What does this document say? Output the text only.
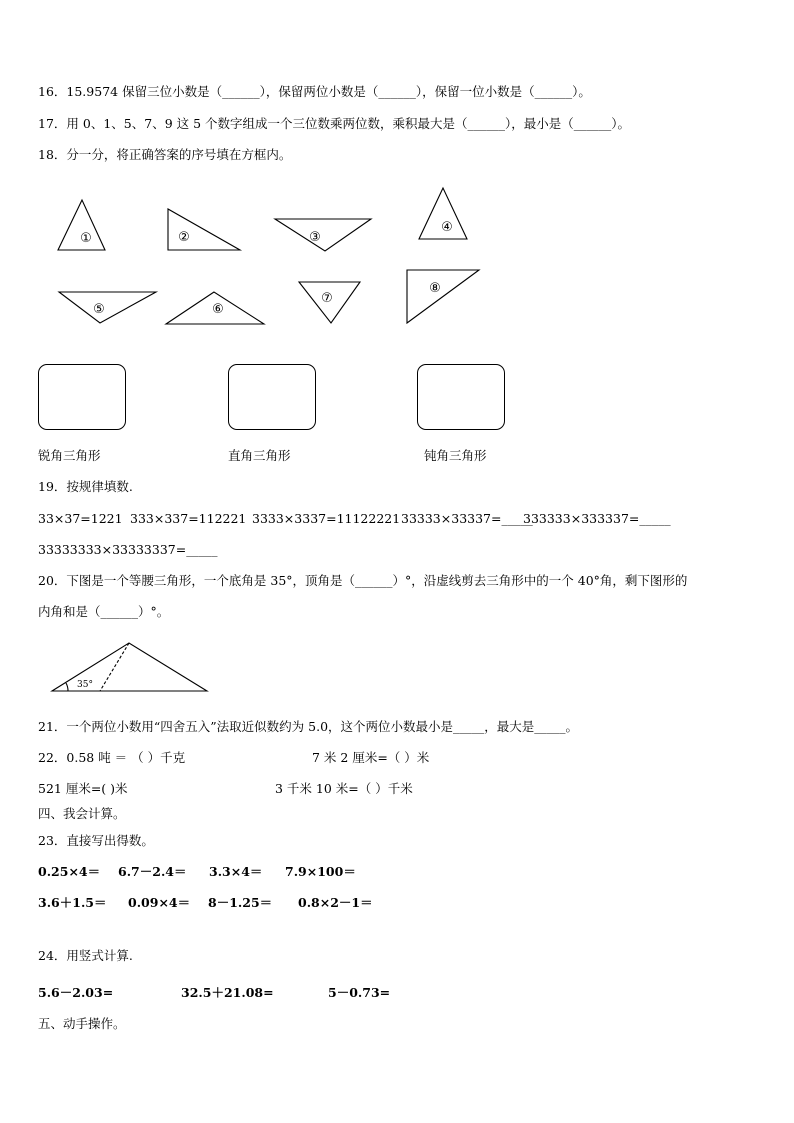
16．15.9574 保留三位小数是（______），保留两位小数是（______），保留一位小数是（______）。
17．用 0、1、5、7、9 这 5 个数字组成一个三位数乘两位数，乘积最大是（______），最小是（______）。
18．分一分，将正确答案的序号填在方框内。
①	②	③
④
⑤	⑥
⑦
⑧
35°
锐角三角形	直角三角形	钝角三角形
19．按规律填数.
33×37=1221 333×337=112221 3333×3337=11122221 33333×33337=_____
333333×333337=_____
33333333×33333337=_____
20．下图是一个等腰三角形，一个底角是 35°，顶角是（______）°，沿虚线剪去三角形中的一个 40°角，剩下图形的
内角和是（______）°。
21．一个两位小数用“四舍五入”法取近似数约为 5.0，这个两位小数最小是_____，最大是_____。
22．0.58 吨 ＝ （ ）千克	7 米 2 厘米=（ ）米
521 厘米=( )米	3 千米 10 米=（ ）千米
四、我会计算。
23．直接写出得数。
0.25×4＝ 6.7－2.4＝ 3.3×4＝ 7.9×100＝
3.6＋1.5＝ 0.09×4＝ 8－1.25＝ 0.8×2－1＝
24．用竖式计算.
5.6－2.03=	32.5＋21.08=	5－0.73=
五、动手操作。
